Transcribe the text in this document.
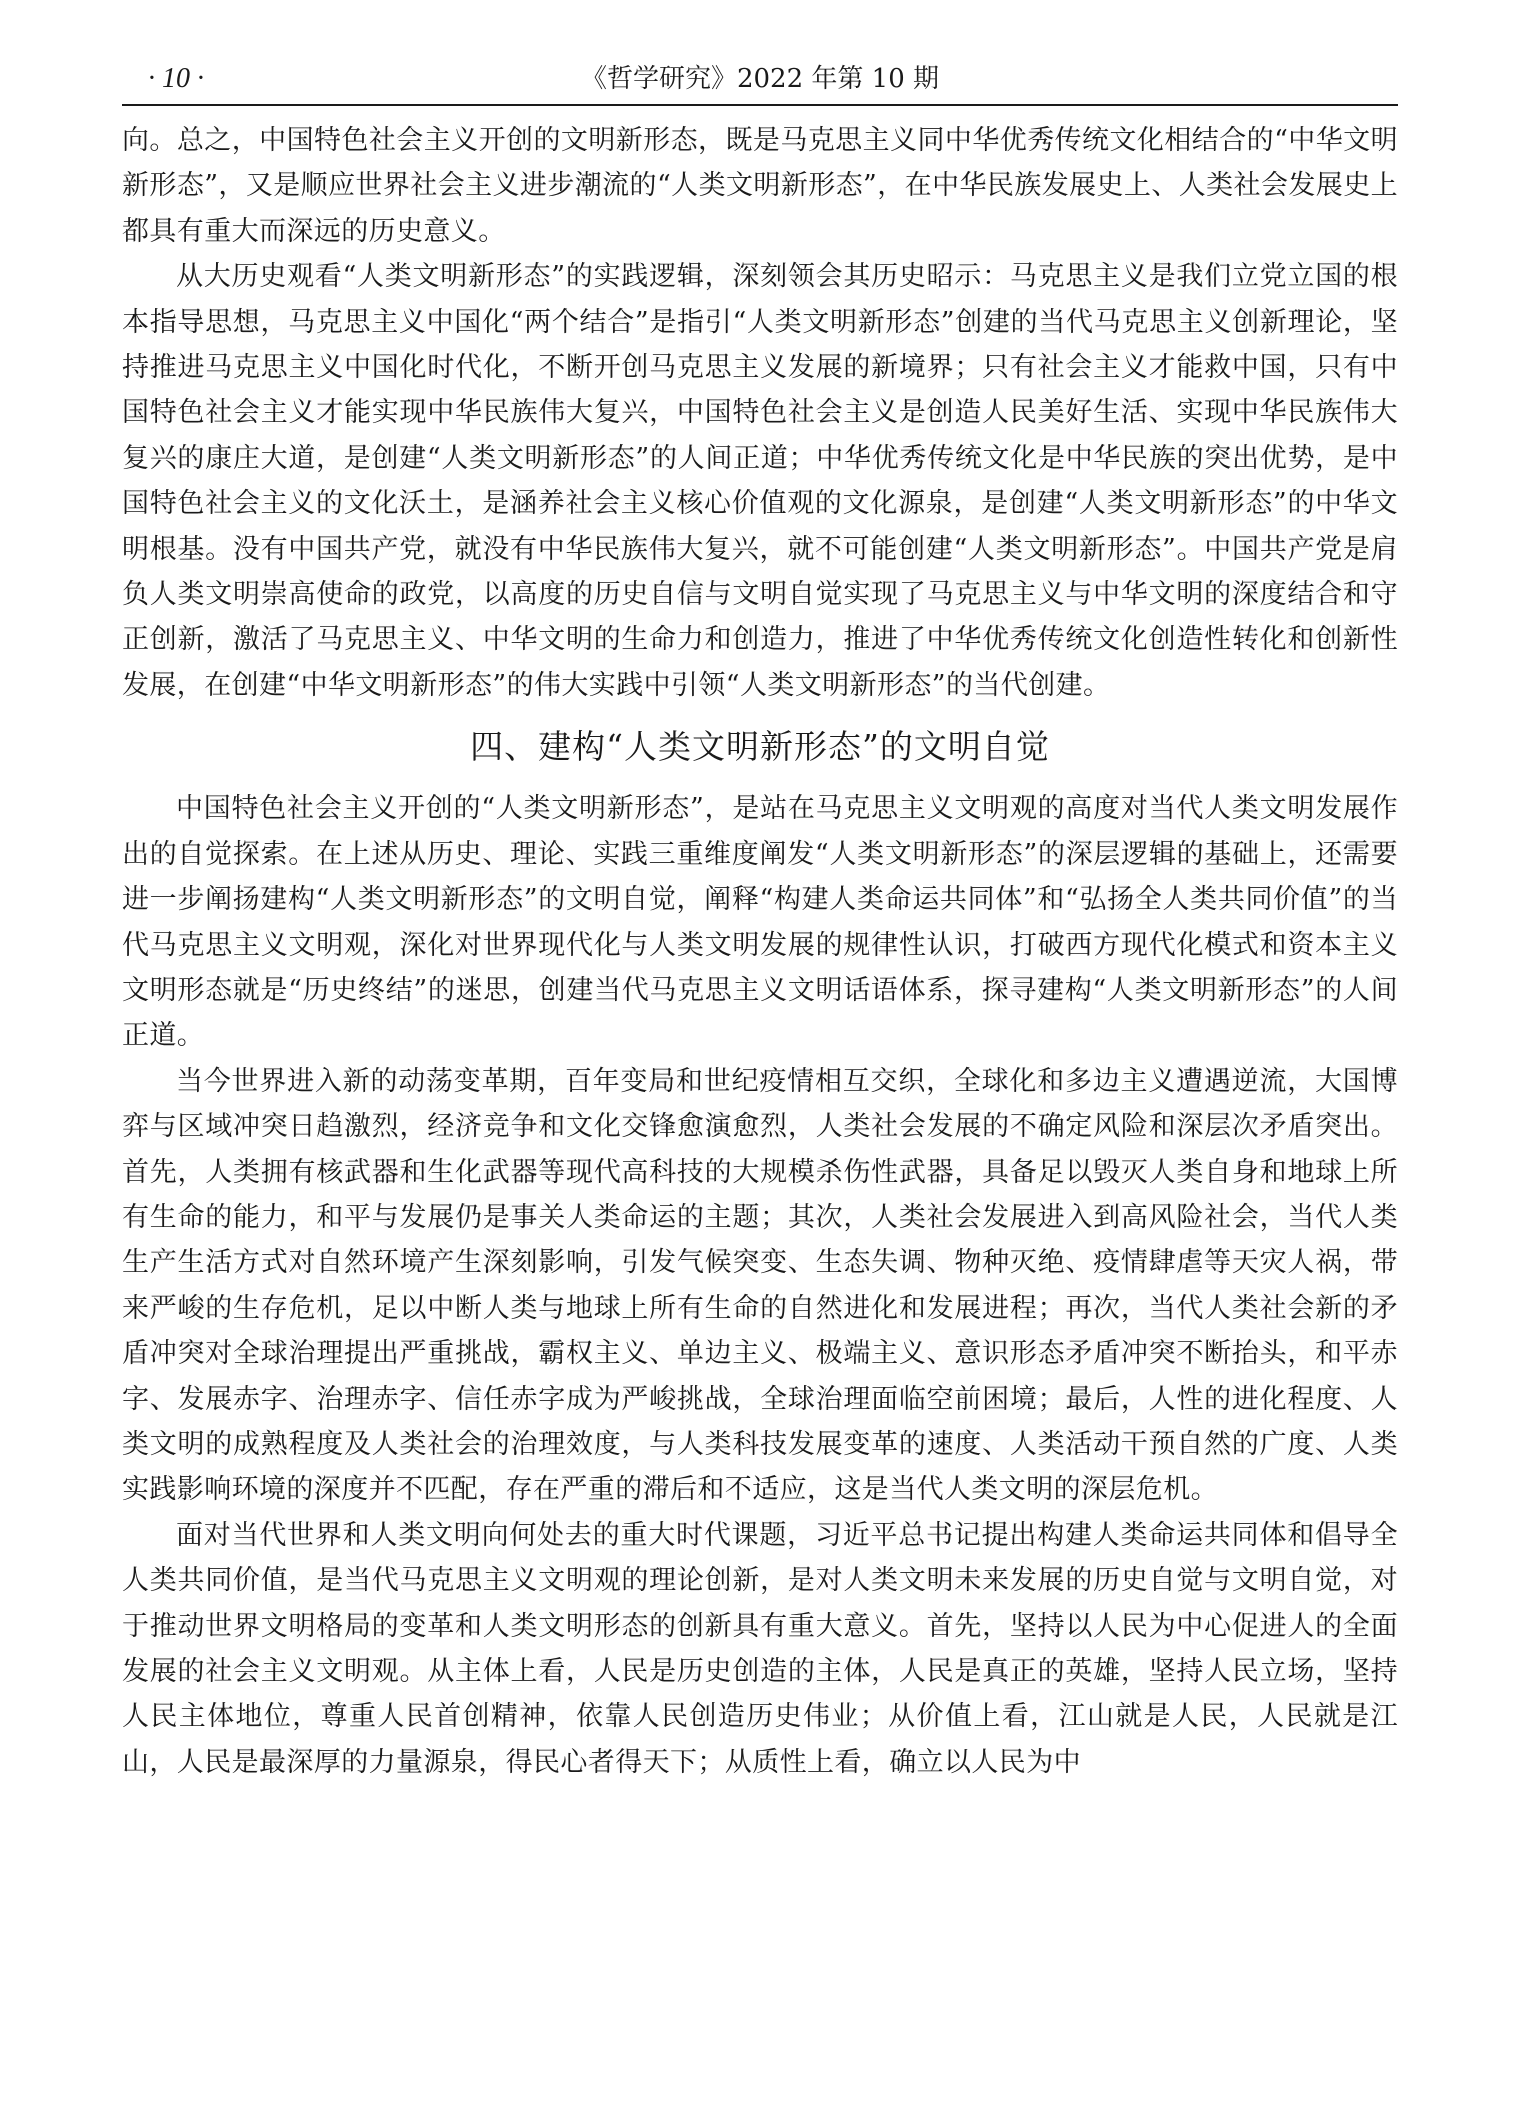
· 10 ·	《哲学研究》2022 年第 10 期

向。总之，中国特色社会主义开创的文明新形态，既是马克思主义同中华优秀传统文化相结合的“中华文明新形态”，又是顺应世界社会主义进步潮流的“人类文明新形态”，在中华民族发展史上、人类社会发展史上都具有重大而深远的历史意义。

从大历史观看“人类文明新形态”的实践逻辑，深刻领会其历史昭示：马克思主义是我们立党立国的根本指导思想，马克思主义中国化“两个结合”是指引“人类文明新形态”创建的当代马克思主义创新理论，坚持推进马克思主义中国化时代化，不断开创马克思主义发展的新境界；只有社会主义才能救中国，只有中国特色社会主义才能实现中华民族伟大复兴，中国特色社会主义是创造人民美好生活、实现中华民族伟大复兴的康庄大道，是创建“人类文明新形态”的人间正道；中华优秀传统文化是中华民族的突出优势，是中国特色社会主义的文化沃土，是涵养社会主义核心价值观的文化源泉，是创建“人类文明新形态”的中华文明根基。没有中国共产党，就没有中华民族伟大复兴，就不可能创建“人类文明新形态”。中国共产党是肩负人类文明崇高使命的政党，以高度的历史自信与文明自觉实现了马克思主义与中华文明的深度结合和守正创新，激活了马克思主义、中华文明的生命力和创造力，推进了中华优秀传统文化创造性转化和创新性发展，在创建“中华文明新形态”的伟大实践中引领“人类文明新形态”的当代创建。

四、建构“人类文明新形态”的文明自觉

中国特色社会主义开创的“人类文明新形态”，是站在马克思主义文明观的高度对当代人类文明发展作出的自觉探索。在上述从历史、理论、实践三重维度阐发“人类文明新形态”的深层逻辑的基础上，还需要进一步阐扬建构“人类文明新形态”的文明自觉，阐释“构建人类命运共同体”和“弘扬全人类共同价值”的当代马克思主义文明观，深化对世界现代化与人类文明发展的规律性认识，打破西方现代化模式和资本主义文明形态就是“历史终结”的迷思，创建当代马克思主义文明话语体系，探寻建构“人类文明新形态”的人间正道。

当今世界进入新的动荡变革期，百年变局和世纪疫情相互交织，全球化和多边主义遭遇逆流，大国博弈与区域冲突日趋激烈，经济竞争和文化交锋愈演愈烈，人类社会发展的不确定风险和深层次矛盾突出。首先，人类拥有核武器和生化武器等现代高科技的大规模杀伤性武器，具备足以毁灭人类自身和地球上所有生命的能力，和平与发展仍是事关人类命运的主题；其次，人类社会发展进入到高风险社会，当代人类生产生活方式对自然环境产生深刻影响，引发气候突变、生态失调、物种灭绝、疫情肆虐等天灾人祸，带来严峻的生存危机，足以中断人类与地球上所有生命的自然进化和发展进程；再次，当代人类社会新的矛盾冲突对全球治理提出严重挑战，霸权主义、单边主义、极端主义、意识形态矛盾冲突不断抬头，和平赤字、发展赤字、治理赤字、信任赤字成为严峻挑战，全球治理面临空前困境；最后，人性的进化程度、人类文明的成熟程度及人类社会的治理效度，与人类科技发展变革的速度、人类活动干预自然的广度、人类实践影响环境的深度并不匹配，存在严重的滞后和不适应，这是当代人类文明的深层危机。

面对当代世界和人类文明向何处去的重大时代课题，习近平总书记提出构建人类命运共同体和倡导全人类共同价值，是当代马克思主义文明观的理论创新，是对人类文明未来发展的历史自觉与文明自觉，对于推动世界文明格局的变革和人类文明形态的创新具有重大意义。首先，坚持以人民为中心促进人的全面发展的社会主义文明观。从主体上看，人民是历史创造的主体，人民是真正的英雄，坚持人民立场，坚持人民主体地位，尊重人民首创精神，依靠人民创造历史伟业；从价值上看，江山就是人民，人民就是江山，人民是最深厚的力量源泉，得民心者得天下；从质性上看，确立以人民为中
